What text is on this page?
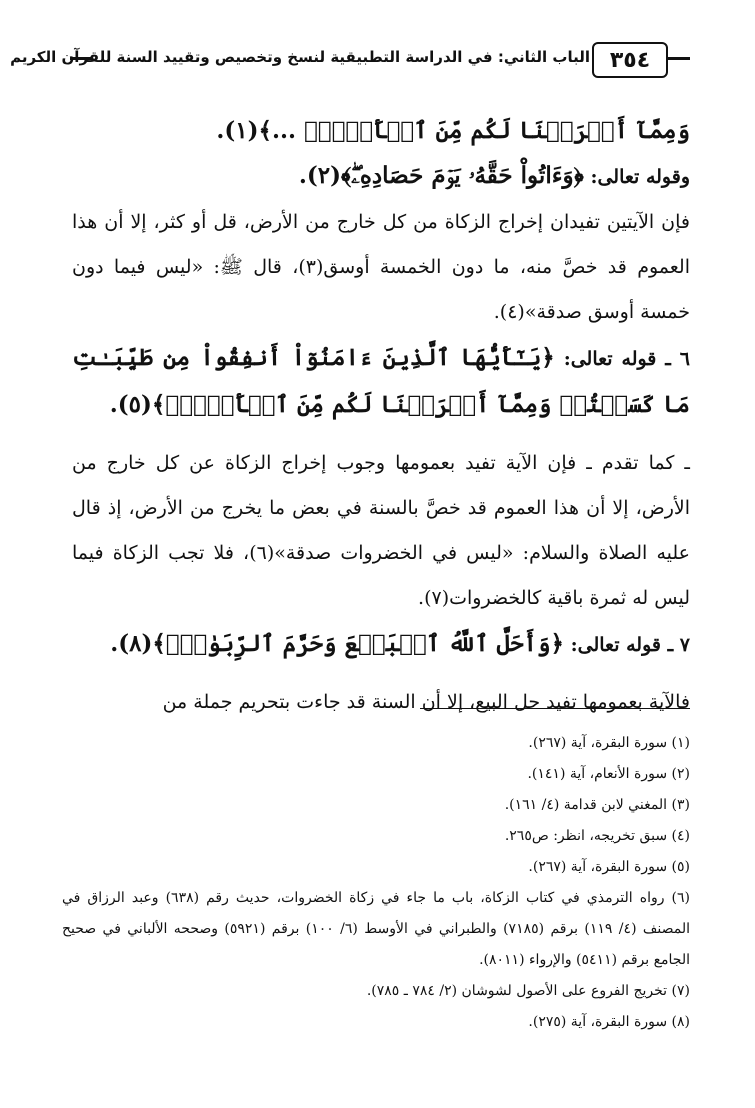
٣٥٤
الباب الثاني: في الدراسة التطبيقية لنسخ وتخصيص وتقييد السنة للقرآن الكريم

وَمِمَّآ أَخۡرَجۡنَا لَكُم مِّنَ ٱلۡأَرۡضِۗ ...﴾(١).

وقوله تعالى: ﴿وَءَاتُواْ حَقَّهُۥ يَوۡمَ حَصَادِهِۦۖ﴾(٢).

فإن الآيتين تفيدان إخراج الزكاة من كل خارج من الأرض، قل أو كثر، إلا أن هذا العموم قد خصَّ منه، ما دون الخمسة أوسق(٣)، قال ﷺ: «ليس فيما دون خمسة أوسق صدقة»(٤).

٦ ـ قوله تعالى: ﴿يَـٰٓأَيُّهَا ٱلَّذِينَ ءَامَنُوٓاْ أَنفِقُواْ مِن طَيِّبَـٰتِ مَا كَسَبۡتُمۡ وَمِمَّآ أَخۡرَجۡنَا لَكُم مِّنَ ٱلۡأَرۡضِۗ﴾(٥).

ـ كما تقدم ـ فإن الآية تفيد بعمومها وجوب إخراج الزكاة عن كل خارج من الأرض، إلا أن هذا العموم قد خصَّ بالسنة في بعض ما يخرج من الأرض، إذ قال عليه الصلاة والسلام: «ليس في الخضروات صدقة»(٦)، فلا تجب الزكاة فيما ليس له ثمرة باقية كالخضروات(٧).

٧ ـ قوله تعالى: ﴿وَأَحَلَّ ٱللَّهُ ٱلۡبَيۡعَ وَحَرَّمَ ٱلرِّبَوٰاْۚ﴾(٨).

فالآية بعمومها تفيد حل البيع، إلا أن السنة قد جاءت بتحريم جملة من

(١) سورة البقرة، آية (٢٦٧).

(٢) سورة الأنعام، آية (١٤١).

(٣) المغني لابن قدامة (٤/ ١٦١).

(٤) سبق تخريجه، انظر: ص٢٦٥.

(٥) سورة البقرة، آية (٢٦٧).

(٦) رواه الترمذي في كتاب الزكاة، باب ما جاء في زكاة الخضروات، حديث رقم (٦٣٨) وعبد الرزاق في المصنف (٤/ ١١٩) برقم (٧١٨٥) والطبراني في الأوسط (٦/ ١٠٠) برقم (٥٩٢١) وصححه الألباني في صحيح الجامع برقم (٥٤١١) والإرواء (٨٠١١).

(٧) تخريج الفروع على الأصول لشوشان (٢/ ٧٨٤ ـ ٧٨٥).

(٨) سورة البقرة، آية (٢٧٥).
